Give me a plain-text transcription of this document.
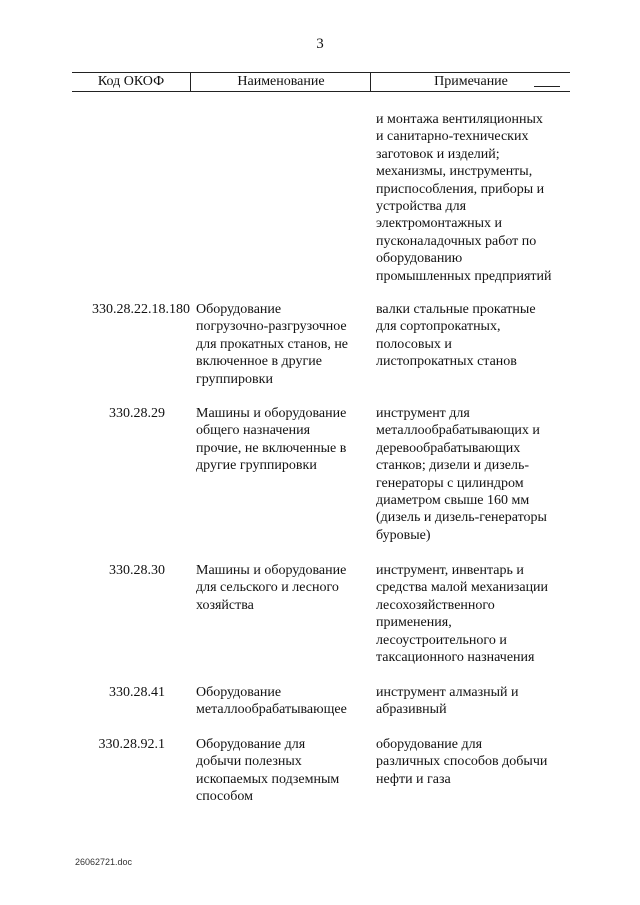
3
Код ОКОФ	Наименование	Примечание
и монтажа вентиляционных
и санитарно-технических
заготовок и изделий;
механизмы, инструменты,
приспособления, приборы и
устройства для
электромонтажных и
пусконаладочных работ по
оборудованию
промышленных предприятий
330.28.22.18.180 Оборудование
погрузочно-разгрузочное
для прокатных станов, не
включенное в другие
группировки
валки стальные прокатные
для сортопрокатных,
полосовых и
листопрокатных станов
330.28.29 Машины и оборудование
общего назначения
прочие, не включенные в
другие группировки
инструмент для
металлообрабатывающих и
деревообрабатывающих
станков; дизели и дизель-
генераторы с цилиндром
диаметром свыше 160 мм
(дизель и дизель-генераторы
буровые)
330.28.30 Машины и оборудование
для сельского и лесного
хозяйства
инструмент, инвентарь и
средства малой механизации
лесохозяйственного
применения,
лесоустроительного и
таксационного назначения
330.28.41 Оборудование
металлообрабатывающее
инструмент алмазный и
абразивный
330.28.92.1 Оборудование для
добычи полезных
ископаемых подземным
способом
оборудование для
различных способов добычи
нефти и газа
26062721.doc
